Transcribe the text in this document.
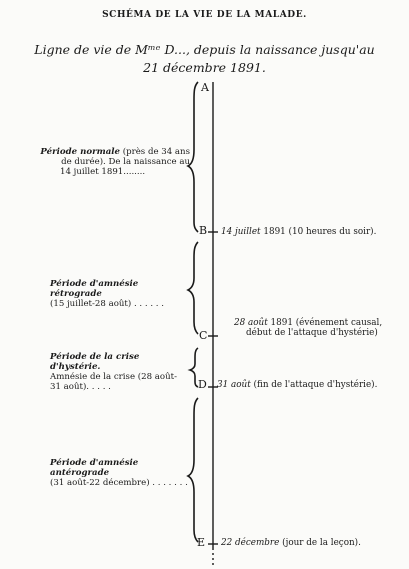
SCHÉMA DE LA VIE DE LA MALADE.
Ligne de vie de Mᵐᵉ D..., depuis la naissance jusqu'au
21 décembre 1891.
A
B
C
D
E
14 juillet 1891 (10 heures du soir).
28 août 1891 (événement causal,
début de l'attaque d'hystérie)
31 août (fin de l'attaque d'hystérie).
22 décembre (jour de la leçon).
Période normale (près de 34 ans
de durée). De la naissance au
14 juillet 1891........
Période d'amnésie rétrograde
(15 juillet-28 août) . . . . . .
Période de la crise d'hystérie.
Amnésie de la crise (28 août-
31 août). . . . .
Période d'amnésie antérograde
(31 août-22 décembre) . . . . . . .
